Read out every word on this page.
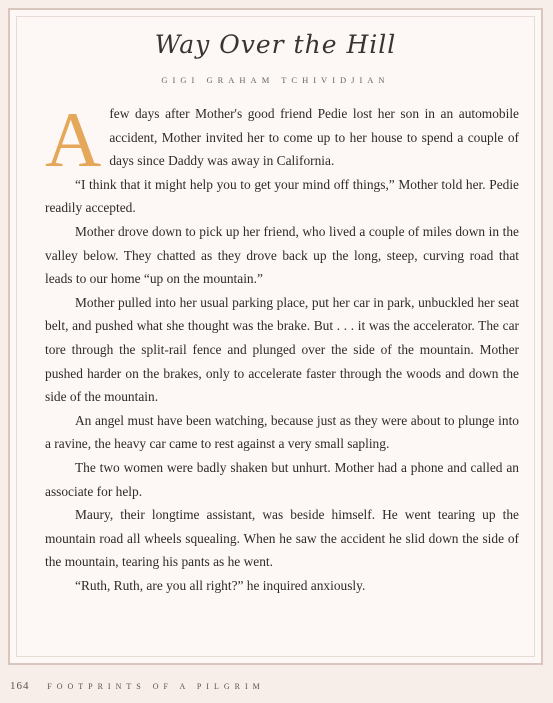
Way Over the Hill
GIGI GRAHAM TCHIVIDJIAN

Afew days after Mother's good friend Pedie lost her son in an automobile accident, Mother invited her to come up to her house to spend a couple of days since Daddy was away in California.

“I think that it might help you to get your mind off things,” Mother told her. Pedie readily accepted.

Mother drove down to pick up her friend, who lived a couple of miles down in the valley below. They chatted as they drove back up the long, steep, curving road that leads to our home “up on the mountain.”

Mother pulled into her usual parking place, put her car in park, unbuckled her seat belt, and pushed what she thought was the brake. But . . . it was the accelerator. The car tore through the split-rail fence and plunged over the side of the mountain. Mother pushed harder on the brakes, only to accelerate faster through the woods and down the side of the mountain.

An angel must have been watching, because just as they were about to plunge into a ravine, the heavy car came to rest against a very small sapling.

The two women were badly shaken but unhurt. Mother had a phone and called an associate for help.

Maury, their longtime assistant, was beside himself. He went tearing up the mountain road all wheels squealing. When he saw the accident he slid down the side of the mountain, tearing his pants as he went.

“Ruth, Ruth, are you all right?” he inquired anxiously.

164 FOOTPRINTS OF A PILGRIM
